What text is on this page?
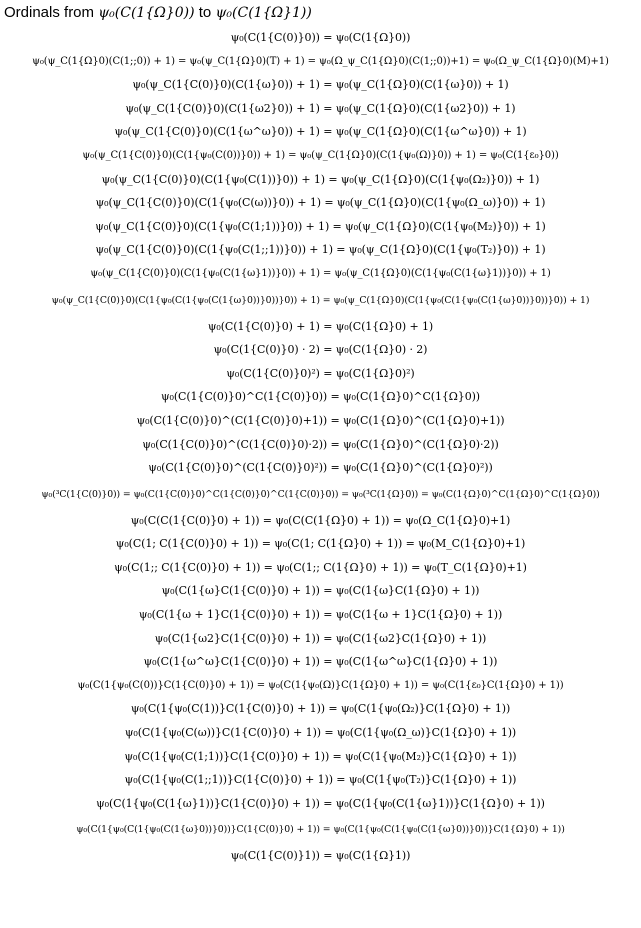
Ordinals from ψ₀(C(1{Ω}0)) to ψ₀(C(1{Ω}1))
ψ₀(C(1{C(0)}0)) = ψ₀(C(1{Ω}0))
ψ₀(ψ_C(1{Ω}0)(C(1;;0)) + 1) = ψ₀(ψ_C(1{Ω}0)(T) + 1) = ψ₀(Ω_ψ_C(1{Ω}0)(C(1;;0))+1) = ψ₀(Ω_ψ_C(1{Ω}0)(M)+1)
ψ₀(ψ_C(1{C(0)}0)(C(1{ω}0)) + 1) = ψ₀(ψ_C(1{Ω}0)(C(1{ω}0)) + 1)
ψ₀(ψ_C(1{C(0)}0)(C(1{ω2}0)) + 1) = ψ₀(ψ_C(1{Ω}0)(C(1{ω2}0)) + 1)
ψ₀(ψ_C(1{C(0)}0)(C(1{ω^ω}0)) + 1) = ψ₀(ψ_C(1{Ω}0)(C(1{ω^ω}0)) + 1)
ψ₀(ψ_C(1{C(0)}0)(C(1{ψ₀(C(0))}0)) + 1) = ψ₀(ψ_C(1{Ω}0)(C(1{ψ₀(Ω)}0)) + 1) = ψ₀(C(1{ε₀}0))
ψ₀(ψ_C(1{C(0)}0)(C(1{ψ₀(C(1))}0)) + 1) = ψ₀(ψ_C(1{Ω}0)(C(1{ψ₀(Ω₂)}0)) + 1)
ψ₀(ψ_C(1{C(0)}0)(C(1{ψ₀(C(ω))}0)) + 1) = ψ₀(ψ_C(1{Ω}0)(C(1{ψ₀(Ω_ω)}0)) + 1)
ψ₀(ψ_C(1{C(0)}0)(C(1{ψ₀(C(1;1))}0)) + 1) = ψ₀(ψ_C(1{Ω}0)(C(1{ψ₀(M₂)}0)) + 1)
ψ₀(ψ_C(1{C(0)}0)(C(1{ψ₀(C(1;;1))}0)) + 1) = ψ₀(ψ_C(1{Ω}0)(C(1{ψ₀(T₂)}0)) + 1)
ψ₀(ψ_C(1{C(0)}0)(C(1{ψ₀(C(1{ω}1))}0)) + 1) = ψ₀(ψ_C(1{Ω}0)(C(1{ψ₀(C(1{ω}1))}0)) + 1)
ψ₀(ψ_C(1{C(0)}0)(C(1{ψ₀(C(1{ψ₀(C(1{ω}0))}0))}0)) + 1) = ψ₀(ψ_C(1{Ω}0)(C(1{ψ₀(C(1{ψ₀(C(1{ω}0))}0))}0)) + 1)
ψ₀(C(1{C(0)}0) + 1) = ψ₀(C(1{Ω}0) + 1)
ψ₀(C(1{C(0)}0) · 2) = ψ₀(C(1{Ω}0) · 2)
ψ₀(C(1{C(0)}0)²) = ψ₀(C(1{Ω}0)²)
ψ₀(C(1{C(0)}0)^C(1{C(0)}0)) = ψ₀(C(1{Ω}0)^C(1{Ω}0))
ψ₀(C(1{C(0)}0)^(C(1{C(0)}0)+1)) = ψ₀(C(1{Ω}0)^(C(1{Ω}0)+1))
ψ₀(C(1{C(0)}0)^(C(1{C(0)}0)·2)) = ψ₀(C(1{Ω}0)^(C(1{Ω}0)·2))
ψ₀(C(1{C(0)}0)^(C(1{C(0)}0)²)) = ψ₀(C(1{Ω}0)^(C(1{Ω}0)²))
ψ₀(³C(1{C(0)}0)) = ψ₀(C(1{C(0)}0)^C(1{C(0)}0)^C(1{C(0)}0)) = ψ₀(³C(1{Ω}0)) = ψ₀(C(1{Ω}0)^C(1{Ω}0)^C(1{Ω}0))
ψ₀(C(C(1{C(0)}0) + 1)) = ψ₀(C(C(1{Ω}0) + 1)) = ψ₀(Ω_C(1{Ω}0)+1)
ψ₀(C(1; C(1{C(0)}0) + 1)) = ψ₀(C(1; C(1{Ω}0) + 1)) = ψ₀(M_C(1{Ω}0)+1)
ψ₀(C(1;; C(1{C(0)}0) + 1)) = ψ₀(C(1;; C(1{Ω}0) + 1)) = ψ₀(T_C(1{Ω}0)+1)
ψ₀(C(1{ω}C(1{C(0)}0) + 1)) = ψ₀(C(1{ω}C(1{Ω}0) + 1))
ψ₀(C(1{ω + 1}C(1{C(0)}0) + 1)) = ψ₀(C(1{ω + 1}C(1{Ω}0) + 1))
ψ₀(C(1{ω2}C(1{C(0)}0) + 1)) = ψ₀(C(1{ω2}C(1{Ω}0) + 1))
ψ₀(C(1{ω^ω}C(1{C(0)}0) + 1)) = ψ₀(C(1{ω^ω}C(1{Ω}0) + 1))
ψ₀(C(1{ψ₀(C(0))}C(1{C(0)}0) + 1)) = ψ₀(C(1{ψ₀(Ω)}C(1{Ω}0) + 1)) = ψ₀(C(1{ε₀}C(1{Ω}0) + 1))
ψ₀(C(1{ψ₀(C(1))}C(1{C(0)}0) + 1)) = ψ₀(C(1{ψ₀(Ω₂)}C(1{Ω}0) + 1))
ψ₀(C(1{ψ₀(C(ω))}C(1{C(0)}0) + 1)) = ψ₀(C(1{ψ₀(Ω_ω)}C(1{Ω}0) + 1))
ψ₀(C(1{ψ₀(C(1;1))}C(1{C(0)}0) + 1)) = ψ₀(C(1{ψ₀(M₂)}C(1{Ω}0) + 1))
ψ₀(C(1{ψ₀(C(1;;1))}C(1{C(0)}0) + 1)) = ψ₀(C(1{ψ₀(T₂)}C(1{Ω}0) + 1))
ψ₀(C(1{ψ₀(C(1{ω}1))}C(1{C(0)}0) + 1)) = ψ₀(C(1{ψ₀(C(1{ω}1))}C(1{Ω}0) + 1))
ψ₀(C(1{ψ₀(C(1{ψ₀(C(1{ω}0))}0))}C(1{C(0)}0) + 1)) = ψ₀(C(1{ψ₀(C(1{ψ₀(C(1{ω}0))}0))}C(1{Ω}0) + 1))
ψ₀(C(1{C(0)}1)) = ψ₀(C(1{Ω}1))
